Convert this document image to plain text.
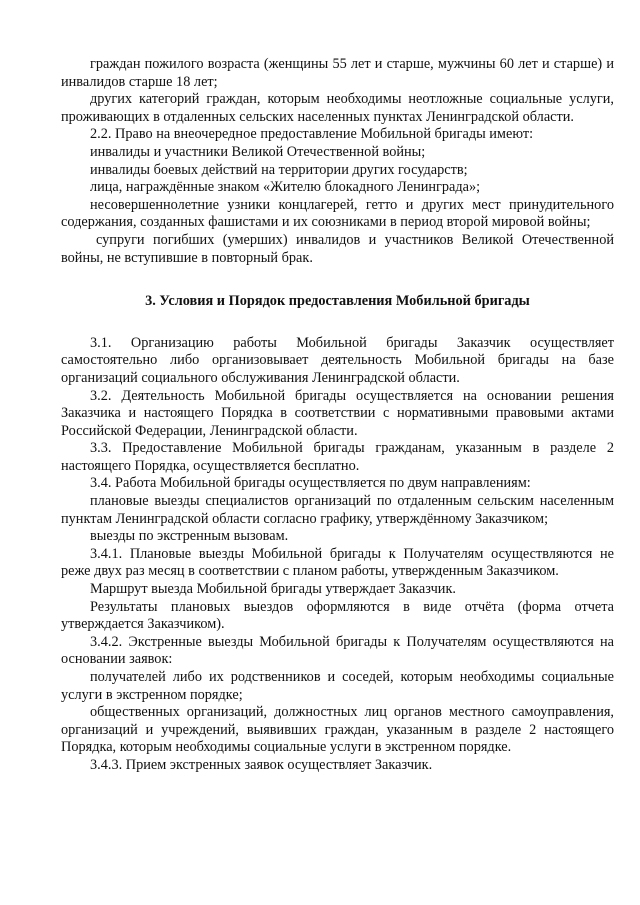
граждан пожилого возраста (женщины 55 лет и старше, мужчины 60 лет и старше) и инвалидов старше 18 лет;

других категорий граждан, которым необходимы неотложные социальные услуги, проживающих в отдаленных сельских населенных пунктах Ленинградской области.

2.2. Право на внеочередное предоставление Мобильной бригады имеют:

инвалиды и участники Великой Отечественной войны;

инвалиды боевых действий на территории других государств;

лица, награждённые знаком «Жителю блокадного Ленинграда»;

несовершеннолетние узники концлагерей, гетто и других мест принудительного содержания, созданных фашистами и их союзниками в период второй мировой войны;

супруги погибших (умерших) инвалидов и участников Великой Отечественной войны, не вступившие в повторный брак.

3. Условия и Порядок предоставления Мобильной бригады

3.1. Организацию работы Мобильной бригады Заказчик осуществляет самостоятельно либо организовывает деятельность Мобильной бригады на базе организаций социального обслуживания Ленинградской области.

3.2. Деятельность Мобильной бригады осуществляется на основании решения Заказчика и настоящего Порядка в соответствии с нормативными правовыми актами Российской Федерации, Ленинградской области.

3.3. Предоставление Мобильной бригады гражданам, указанным в разделе 2 настоящего Порядка, осуществляется бесплатно.

3.4. Работа Мобильной бригады осуществляется по двум направлениям:

плановые выезды специалистов организаций по отдаленным сельским населенным пунктам Ленинградской области согласно графику, утверждённому Заказчиком;

выезды по экстренным вызовам.

3.4.1. Плановые выезды Мобильной бригады к Получателям осуществляются не реже двух раз месяц в соответствии с планом работы, утвержденным Заказчиком.

Маршрут выезда Мобильной бригады утверждает Заказчик.

Результаты плановых выездов оформляются в виде отчёта (форма отчета утверждается Заказчиком).

3.4.2. Экстренные выезды Мобильной бригады к Получателям осуществляются на основании заявок:

получателей либо их родственников и соседей, которым необходимы социальные услуги в экстренном порядке;

общественных организаций, должностных лиц органов местного самоуправления, организаций и учреждений, выявивших граждан, указанным в разделе 2 настоящего Порядка, которым необходимы социальные услуги в экстренном порядке.

3.4.3. Прием экстренных заявок осуществляет Заказчик.
